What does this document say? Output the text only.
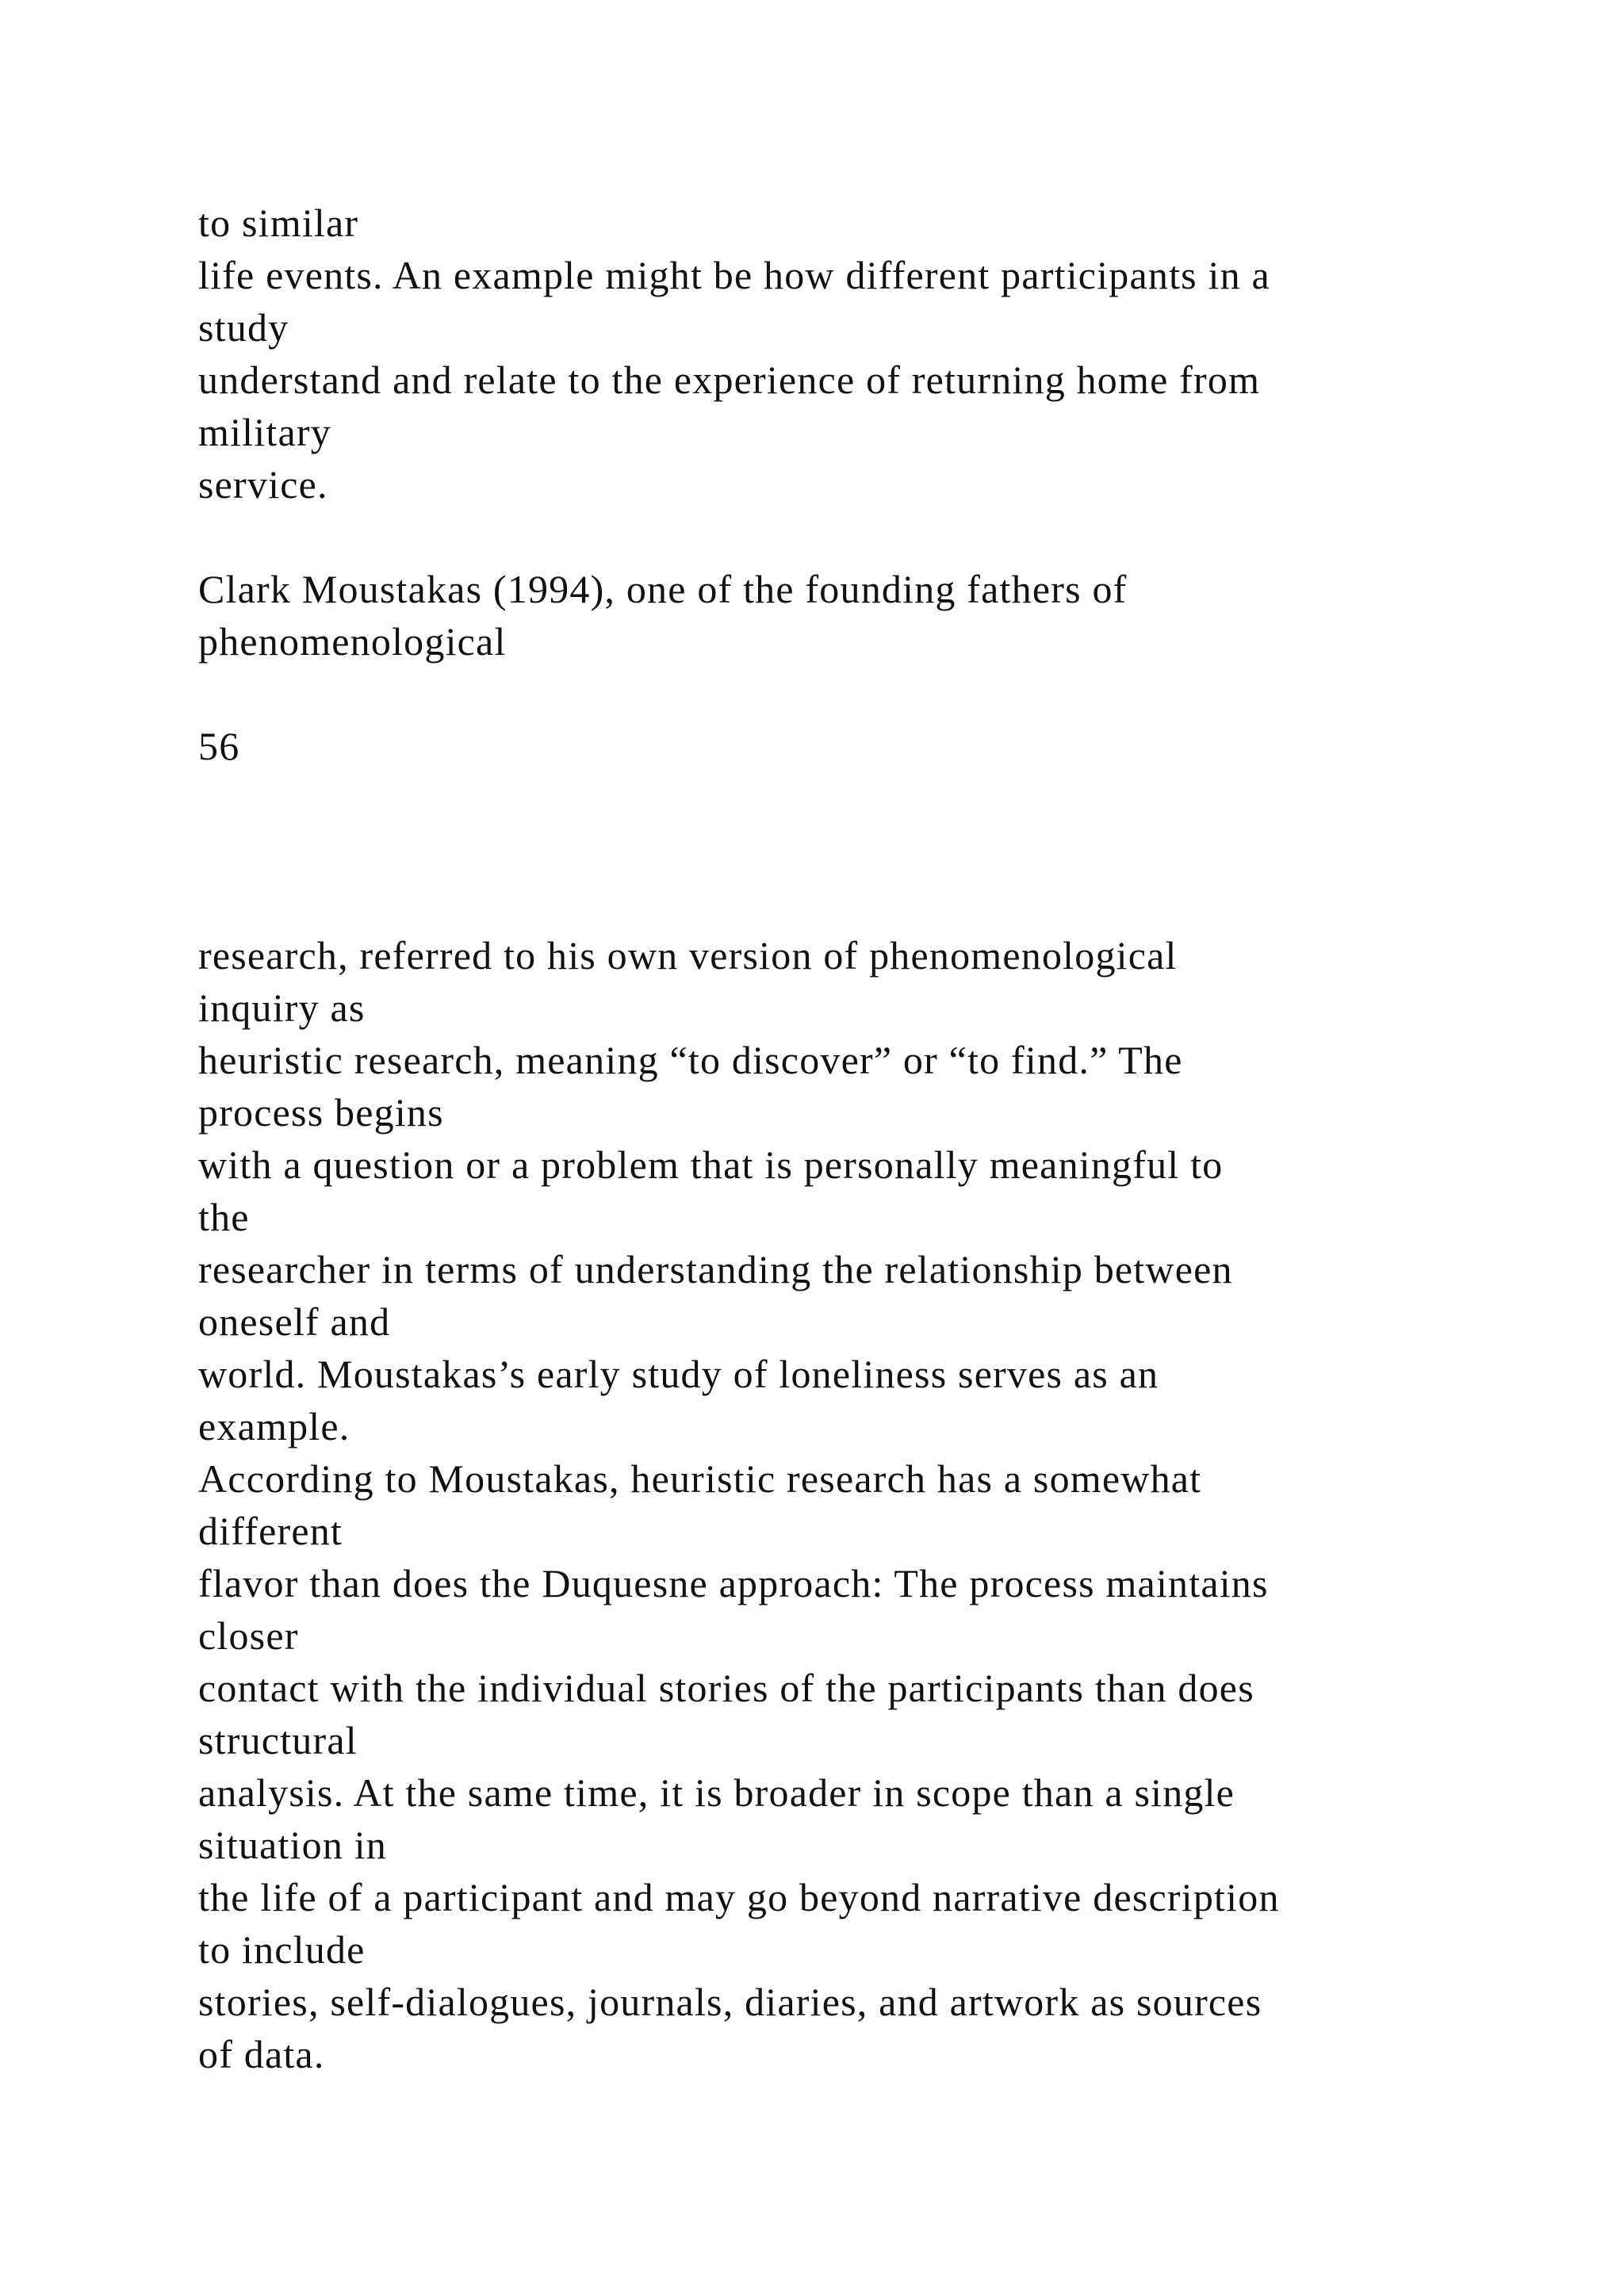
to similar

life events. An example might be how different participants in a

study

understand and relate to the experience of returning home from

military

service.

Clark Moustakas (1994), one of the founding fathers of

phenomenological

56

research, referred to his own version of phenomenological

inquiry as

heuristic research, meaning “to discover” or “to find.” The

process begins

with a question or a problem that is personally meaningful to

the

researcher in terms of understanding the relationship between

oneself and

world. Moustakas’s early study of loneliness serves as an

example.

According to Moustakas, heuristic research has a somewhat

different

flavor than does the Duquesne approach: The process maintains

closer

contact with the individual stories of the participants than does

structural

analysis. At the same time, it is broader in scope than a single

situation in

the life of a participant and may go beyond narrative description

to include

stories, self-dialogues, journals, diaries, and artwork as sources

of data.
